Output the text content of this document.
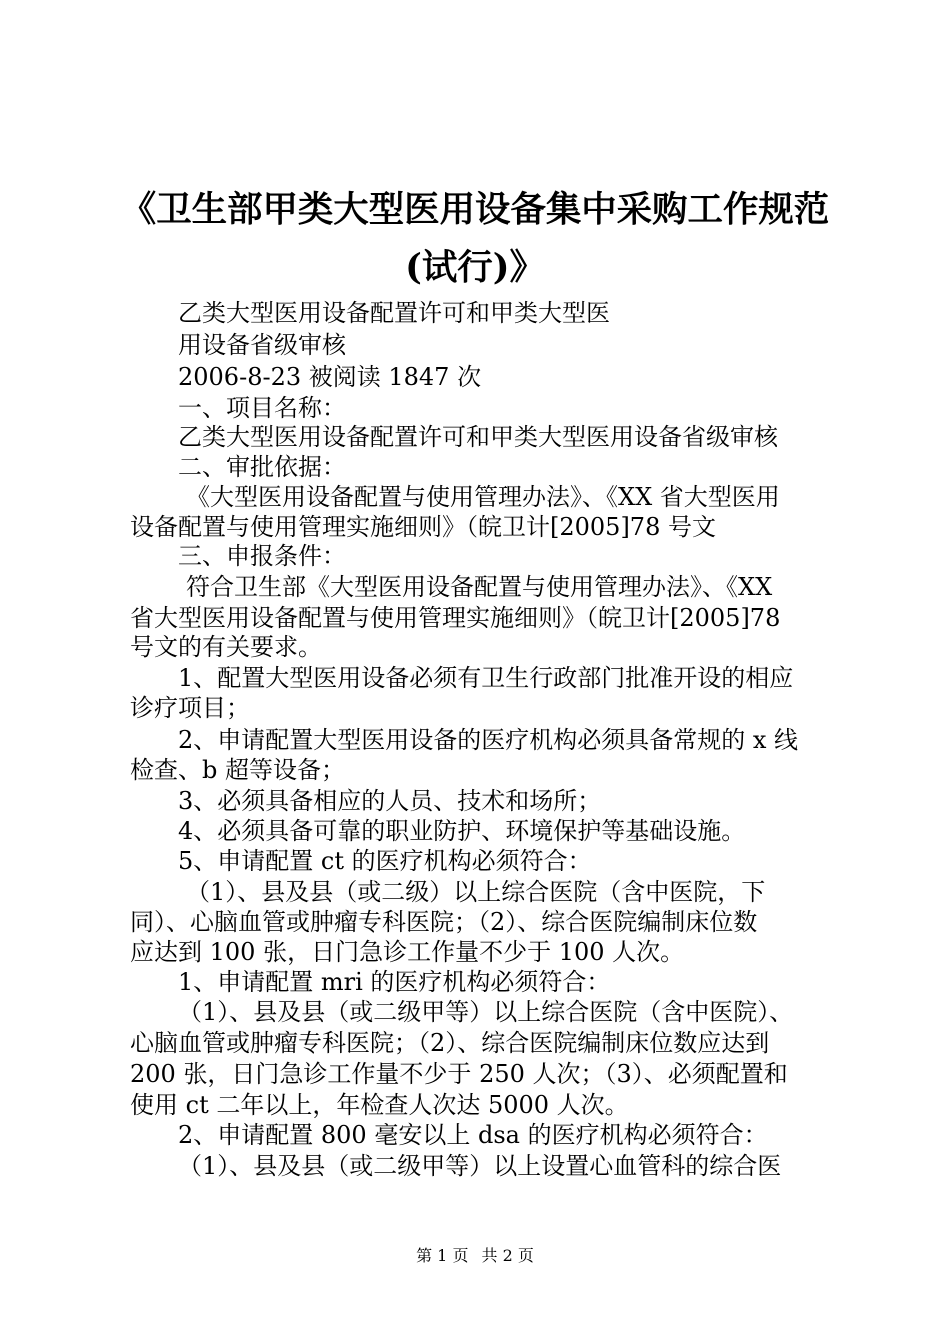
《卫生部甲类大型医用设备集中采购工作规范
(试行)》
乙类大型医用设备配置许可和甲类大型医
用设备省级审核
2006-8-23 被阅读 1847 次
一、项目名称：
乙类大型医用设备配置许可和甲类大型医用设备省级审核
二、审批依据：
《大型医用设备配置与使用管理办法》、《XX 省大型医用
设备配置与使用管理实施细则》（皖卫计[2005]78 号文
三、申报条件：
符合卫生部《大型医用设备配置与使用管理办法》、《XX
省大型医用设备配置与使用管理实施细则》（皖卫计[2005]78
号文的有关要求。
1、配置大型医用设备必须有卫生行政部门批准开设的相应
诊疗项目；
2、申请配置大型医用设备的医疗机构必须具备常规的 x 线
检查、b 超等设备；
3、必须具备相应的人员、技术和场所；
4、必须具备可靠的职业防护、环境保护等基础设施。
5、申请配置 ct 的医疗机构必须符合：
（1）、县及县（或二级）以上综合医院（含中医院，下
同）、心脑血管或肿瘤专科医院；（2）、综合医院编制床位数
应达到 100 张，日门急诊工作量不少于 100 人次。
1、申请配置 mri 的医疗机构必须符合：
（1）、县及县（或二级甲等）以上综合医院（含中医院）、
心脑血管或肿瘤专科医院；（2）、综合医院编制床位数应达到
200 张，日门急诊工作量不少于 250 人次；（3）、必须配置和
使用 ct 二年以上，年检查人次达 5000 人次。
2、申请配置 800 毫安以上 dsa 的医疗机构必须符合：
（1）、县及县（或二级甲等）以上设置心血管科的综合医
第 1 页 共 2 页
